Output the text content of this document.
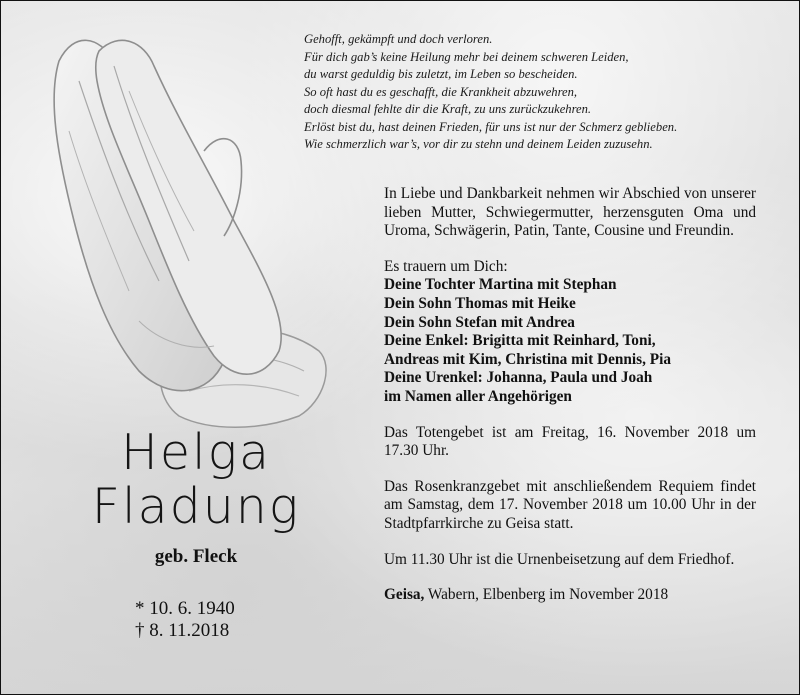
Gehofft, gekämpft und doch verloren.
Für dich gab’s keine Heilung mehr bei deinem schweren Leiden,
du warst geduldig bis zuletzt, im Leben so bescheiden.
So oft hast du es geschafft, die Krankheit abzuwehren,
doch diesmal fehlte dir die Kraft, zu uns zurückzukehren.
Erlöst bist du, hast deinen Frieden, für uns ist nur der Schmerz geblieben.
Wie schmerzlich war’s, vor dir zu stehn und deinem Leiden zuzusehn.

In Liebe und Dankbarkeit nehmen wir Abschied von unserer lieben Mutter, Schwiegermutter, herzensguten Oma und Uroma, Schwägerin, Patin, Tante, Cousine und Freundin.

Es trauern um Dich:
Deine Tochter Martina mit Stephan
Dein Sohn Thomas mit Heike
Dein Sohn Stefan mit Andrea
Deine Enkel: Brigitta mit Reinhard, Toni,
Andreas mit Kim, Christina mit Dennis, Pia
Deine Urenkel: Johanna, Paula und Joah
im Namen aller Angehörigen

Das Totengebet ist am Freitag, 16. November 2018 um 17.30 Uhr.

Das Rosenkranzgebet mit anschließendem Requiem findet am Samstag, dem 17. November 2018 um 10.00 Uhr in der Stadtpfarrkirche zu Geisa statt.

Um 11.30 Uhr ist die Urnenbeisetzung auf dem Friedhof.

Geisa, Wabern, Elbenberg im November 2018
Helga
Fladung
geb. Fleck
* 10. 6. 1940
† 8. 11.2018
